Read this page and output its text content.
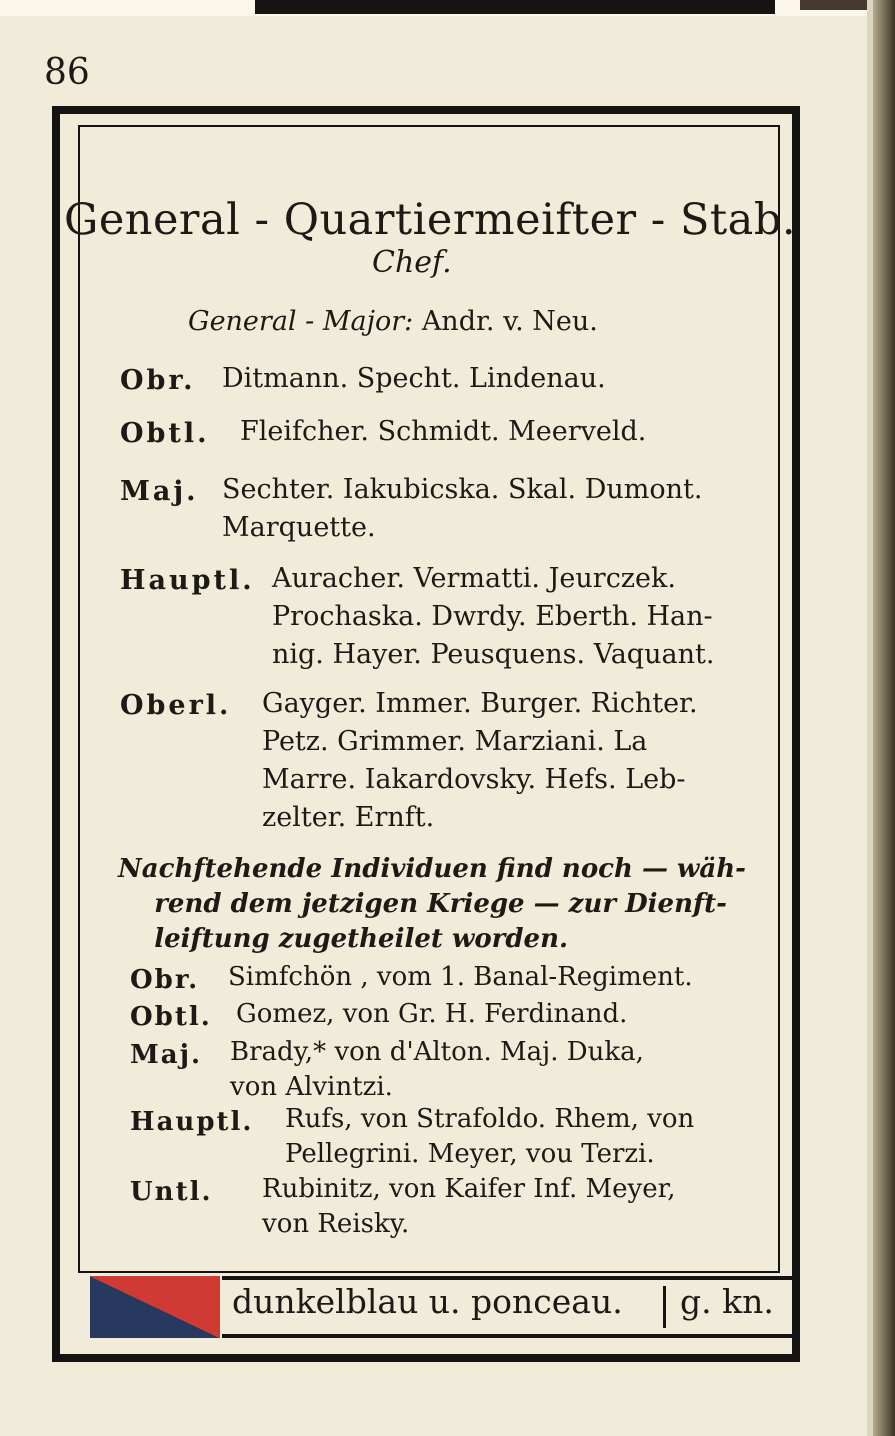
86
General - Quartiermeifter - Stab.
Chef.
General - Major: Andr. v. Neu.
Obr. Ditmann. Specht. Lindenau.
Obtl. Fleifcher. Schmidt. Meerveld.
Maj. Sechter. Iakubicska. Skal. Dumont.
Marquette.
Hauptl. Auracher. Vermatti. Jeurczek.
Prochaska. Dwrdy. Eberth. Han-
nig. Hayer. Peusquens. Vaquant.
Oberl. Gayger. Immer. Burger. Richter.
Petz. Grimmer. Marziani. La
Marre. Iakardovsky. Hefs. Leb-
zelter. Ernft.
Nachftehende Individuen find noch — wäh-
rend dem jetzigen Kriege — zur Dienft-
leiftung zugetheilet worden.
Obr. Simfchön , vom 1. Banal-Regiment.
Obtl. Gomez, von Gr. H. Ferdinand.
Maj. Brady,* von d'Alton. Maj. Duka,
von Alvintzi.
Hauptl. Rufs, von Strafoldo. Rhem, von
Pellegrini. Meyer, vou Terzi.
Untl. Rubinitz, von Kaifer Inf. Meyer,
von Reisky.
dunkelblau u. ponceau. g. kn.
